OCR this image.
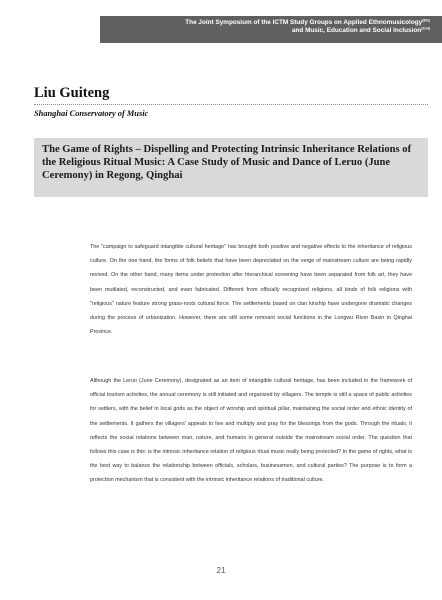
The Joint Symposium of the ICTM Study Groups on Applied Ethnomusicology$^{(8th)}$
and Music, Education and Social Inclusion$^{(2nd)}$
Liu Guiteng
Shanghai Conservatory of Music

The Game of Rights – Dispelling and Protecting Intrinsic Inheritance Relations of the Religious Ritual Music: A Case Study of Music and Dance of Leruo (June Ceremony) in Regong, Qinghai

The "campaign to safeguard intangible cultural heritage" has brought both positive and negative effects to the inheritance of religious culture. On the one hand, the forms of folk beliefs that have been depreciated on the verge of mainstream culture are being rapidly revived. On the other hand, many items under protection after hierarchical screening have been separated from folk art, they have been mutilated, reconstructed, and even fabricated. Different from officially recognized religions, all kinds of folk religions with "religious" nature feature strong grass-roots cultural force. The settlements based on clan kinship have undergone dramatic changes during the process of urbanization. However, there are still some remnant social functions in the Longwu River Basin in Qinghai Province.

Although the Leruo (June Ceremony), designated as an item of intangible cultural heritage, has been included in the framework of official tourism activities, the annual ceremony is still initiated and organized by villagers. The temple is still a space of public activities for settlers, with the belief in local gods as the object of worship and spiritual pillar, maintaining the social order and ethnic identity of the settlements. It gathers the villagers' appeals to live and multiply and pray for the blessings from the gods. Through the rituals, it reflects the social relations between man, nature, and humans in general outside the mainstream social order. The question that follows this case is this: is the intrinsic inheritance relation of religious ritual music really being protected? In the game of rights, what is the best way to balance the relationship between officials, scholars, businessmen, and cultural parties? The purpose is to form a protection mechanism that is consistent with the intrinsic inheritance relations of traditional culture.

21
